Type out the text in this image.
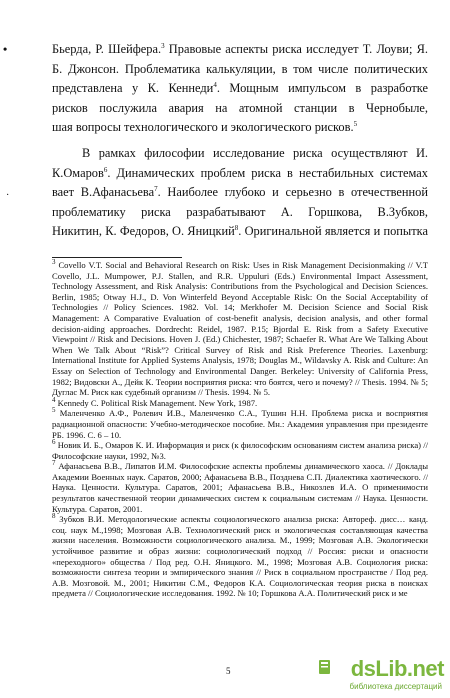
•
·
Бьерда, Р. Шейфера.$^3$ Правовые аспекты риска исследует Т. Лоуви; Я.
Б. Джонсон. Проблематика калькуляции, в том числе политических
представлена у К. Кеннеди$^4$. Мощным импульсом в разработке
рисков послужила авария на атомной станции в Чернобыле,
шая вопросы технологического и экологического рисков.$^5$
В рамках философии исследование риска осуществляют И.
К.Омаров$^6$. Динамических проблем риска в нестабильных системах
вает В.Афанасьева$^7$. Наиболее глубоко и серьезно в отечественной
проблематику риска разрабатывают А. Горшкова, В.Зубков,
Никитин, К. Федоров, О. Яницкий$^8$. Оригинальной является и попытка

$^3$ Covello V.T. Social and Behavioral Research on Risk: Uses in Risk Management Decisionmaking // V.T Covello, J.L. Mumpower, P.J. Stallen, and R.R. Uppuluri (Eds.) Environmental Impact Assessment, Technology Assessment, and Risk Analysis: Contributions from the Psychological and Decision Sciences. Berlin, 1985; Otway H.J., D. Von Winterfeld Beyond Acceptable Risk: On the Social Acceptability of Technologies // Policy Sciences. 1982. Vol. 14; Merkhofer M. Decision Science and Social Risk Management: A Comparative Evaluation of cost-benefit analysis, decision analysis, and other formal decision-aiding approaches. Dordrecht: Reidel, 1987. P.15; Bjordal E. Risk from a Safety Executive Viewpoint // Risk and Decisions. Hoven J. (Ed.) Chichester, 1987; Schaefer R. What Are We Talking About When We Talk About “Risk”? Critical Survey of Risk and Risk Preference Theories. Laxenburg: International Institute for Applied Systems Analysis, 1978; Douglas M., Wildavsky A. Risk and Culture: An Essay on Selection of Technology and Environmental Danger. Berkeley: University of California Press, 1982; Видовски А., Дейк К. Теории восприятия риска: что боятся, чего и почему? // Thesis. 1994. № 5; Дуглас М. Риск как судебный организм // Thesis. 1994. № 5.

$^4$ Kennedy C. Political Risk Management. New York, 1987.

$^5$ Маленченко А.Ф., Ролевич И.В., Маленченко С.А., Тушин Н.Н. Проблема риска и восприятия радиационной опасности: Учебно-методическое пособие. Мн.: Академия управления при президенте РБ. 1996. С. 6 – 10.

$^6$ Новик И. Б., Омаров К. И. Информация и риск (к философским основаниям систем анализа риска) // Философские науки, 1992, №3.

$^7$ Афанасьева В.В., Липатов И.М. Философские аспекты проблемы динамического хаоса. // Доклады Академии Военных наук. Саратов, 2000; Афанасьева В.В., Позднева С.П. Диалектика хаотического. // Наука. Ценности. Культура. Саратов, 2001; Афанасьева В.В., Никозлев И.А. О применимости результатов качественной теории динамических систем к социальным системам // Наука. Ценности. Культура. Саратов, 2001.

$^8$ Зубков В.И. Методологические аспекты социологического анализа риска: Автореф. дисс… канд. соц. наук М.,1998; Мозговая А.В. Технологический риск и экологическая составляющая качества жизни населения. Возможности социологического анализа. М., 1999; Мозговая А.В. Экологически устойчивое развитие и образ жизни: социологический подход // Россия: риски и опасности «переходного» общества / Под ред. О.Н. Яницкого. М., 1998; Мозговая А.В. Социология риска: возможности синтеза теории и эмпирического знания // Риск в социальном пространстве / Под ред. А.В. Мозговой. М., 2001; Никитин С.М., Федоров К.А. Социологическая теория риска в поисках предмета // Социологические исследования. 1992. № 10; Горшкова А.А. Политический риск и ме

5	dsLib.net
библиотека диссертаций
